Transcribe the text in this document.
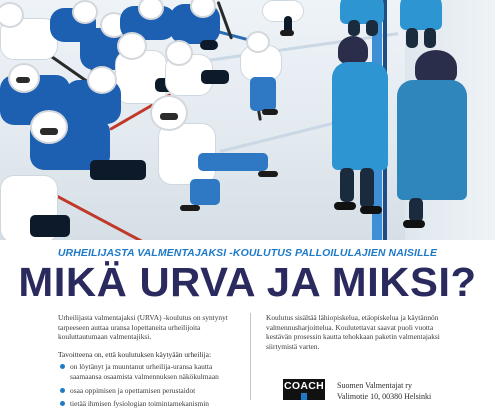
URHEILIJASTA VALMENTAJAKSI -KOULUTUS PALLOILULAJIEN NAISILLE
MIKÄ URVA JA MIKSI?

Urheilijasta valmentajaksi (URVA) -koulutus on syntynyt tarpeeseen auttaa uransa lopettaneita urheilijoita kouluttautumaan valmentajiksi.

Tavoitteena on, että koulutuksen käytyään urheilija:

on löytänyt ja muuntanut urheilija-uransa kautta saamaansa osaamista valmennuksen näkökulmaan
osaa oppimisen ja opettamisen perustaidot
tietää ihmisen fysiologian toimintamekanismin

Koulutus sisältää lähiopiskelua, etäopiskelua ja käytännön valmennusharjoittelua. Koulutettavat saavat puoli vuotta kestävän prosessin kautta tehokkaan paketin valmentajaksi siirtymistä varten.

COACH Suomen Valmentajat ry
Valimotie 10, 00380 Helsinki
